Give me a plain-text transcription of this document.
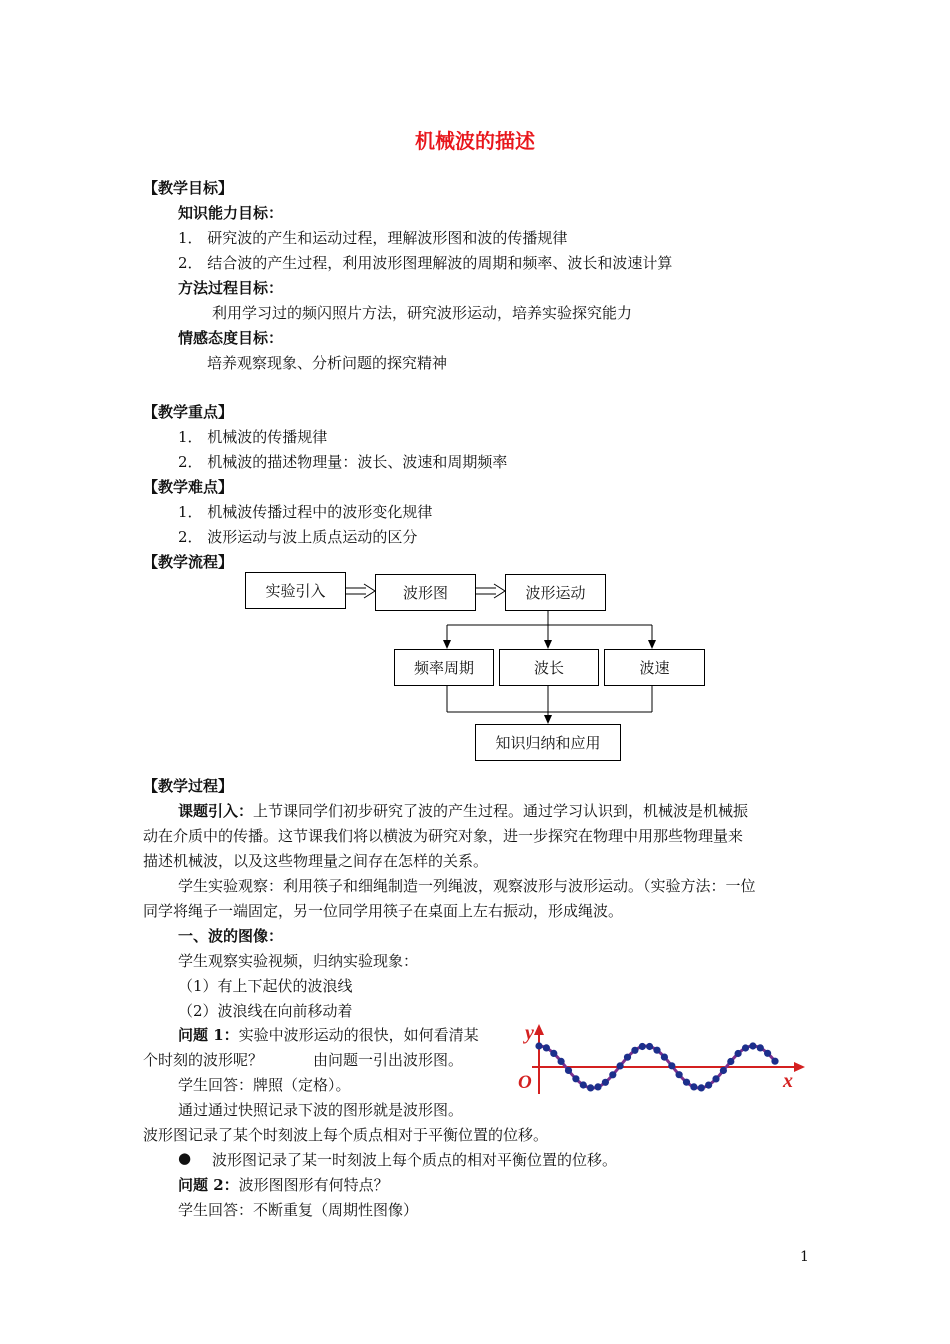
机械波的描述
【教学目标】
知识能力目标：
1． 研究波的产生和运动过程，理解波形图和波的传播规律
2． 结合波的产生过程，利用波形图理解波的周期和频率、波长和波速计算
方法过程目标：
利用学习过的频闪照片方法，研究波形运动，培养实验探究能力
情感态度目标：
培养观察现象、分析问题的探究精神
【教学重点】
1． 机械波的传播规律
2． 机械波的描述物理量：波长、波速和周期频率
【教学难点】
1． 机械波传播过程中的波形变化规律
2． 波形运动与波上质点运动的区分
【教学流程】
实验引入	波形图	波形运动
频率周期	波长	波速
知识归纳和应用
【教学过程】
课题引入：上节课同学们初步研究了波的产生过程。通过学习认识到，机械波是机械振
动在介质中的传播。这节课我们将以横波为研究对象，进一步探究在物理中用那些物理量来
描述机械波，以及这些物理量之间存在怎样的关系。
学生实验观察：利用筷子和细绳制造一列绳波，观察波形与波形运动。（实验方法：一位
同学将绳子一端固定，另一位同学用筷子在桌面上左右振动，形成绳波。
一、波的图像：
学生观察实验视频，归纳实验现象：
（1）有上下起伏的波浪线
（2）波浪线在向前移动着
问题 1：实验中波形运动的很快，如何看清某
个时刻的波形呢？	由问题一引出波形图。
学生回答：牌照（定格）。
通过通过快照记录下波的图形就是波形图。
波形图记录了某个时刻波上每个质点相对于平衡位置的位移。
● 波形图记录了某一时刻波上每个质点的相对平衡位置的位移。
问题 2：波形图图形有何特点？
学生回答：不断重复（周期性图像）
y
x
O
1
